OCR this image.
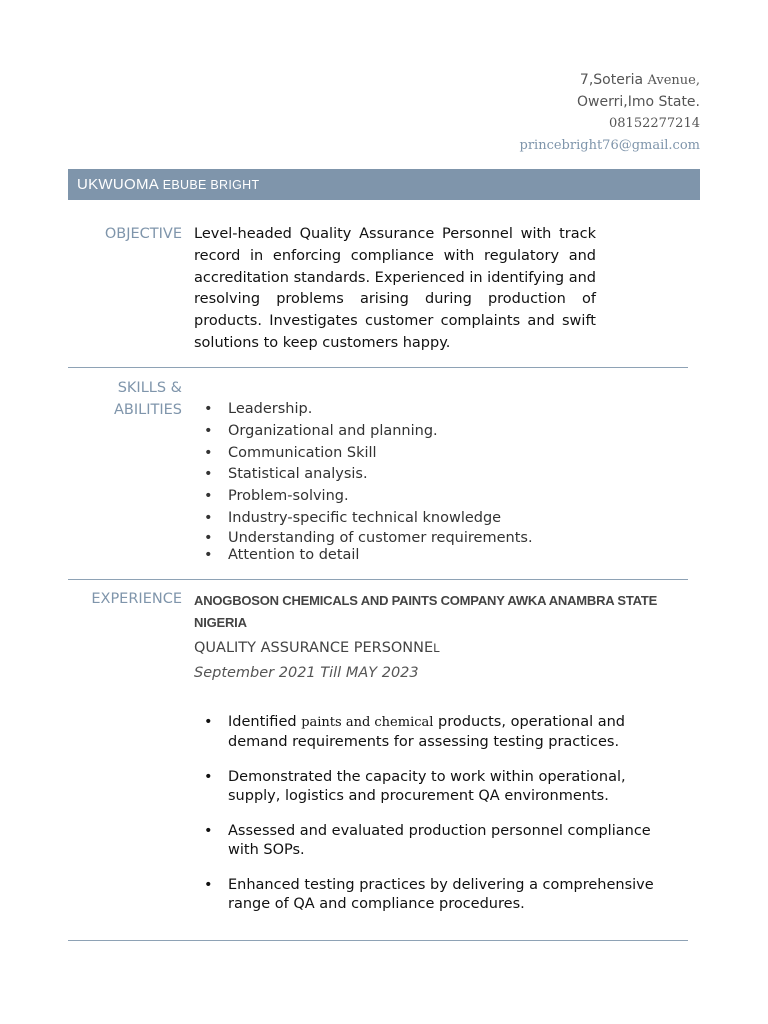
7,Soteria Avenue,
Owerri,Imo State.
08152277214
princebright76@gmail.com
UKWUOMA EBUBE BRIGHT
OBJECTIVE Level-headed Quality Assurance Personnel with track record in enforcing compliance with regulatory and accreditation standards. Experienced in identifying and resolving problems arising during production of products. Investigates customer complaints and swift solutions to keep customers happy.
SKILLS &
ABILITIES • Leadership.
• Organizational and planning.
• Communication Skill
• Statistical analysis.
• Problem-solving.
• Industry-specific technical knowledge
• Understanding of customer requirements.
• Attention to detail
EXPERIENCE ANOGBOSON CHEMICALS AND PAINTS COMPANY AWKA ANAMBRA STATE NIGERIA
QUALITY ASSURANCE PERSONNEL
September 2021 Till MAY 2023
• Identified paints and chemical products, operational and demand requirements for assessing testing practices.
• Demonstrated the capacity to work within operational, supply, logistics and procurement QA environments.
• Assessed and evaluated production personnel compliance with SOPs.
• Enhanced testing practices by delivering a comprehensive range of QA and compliance procedures.
